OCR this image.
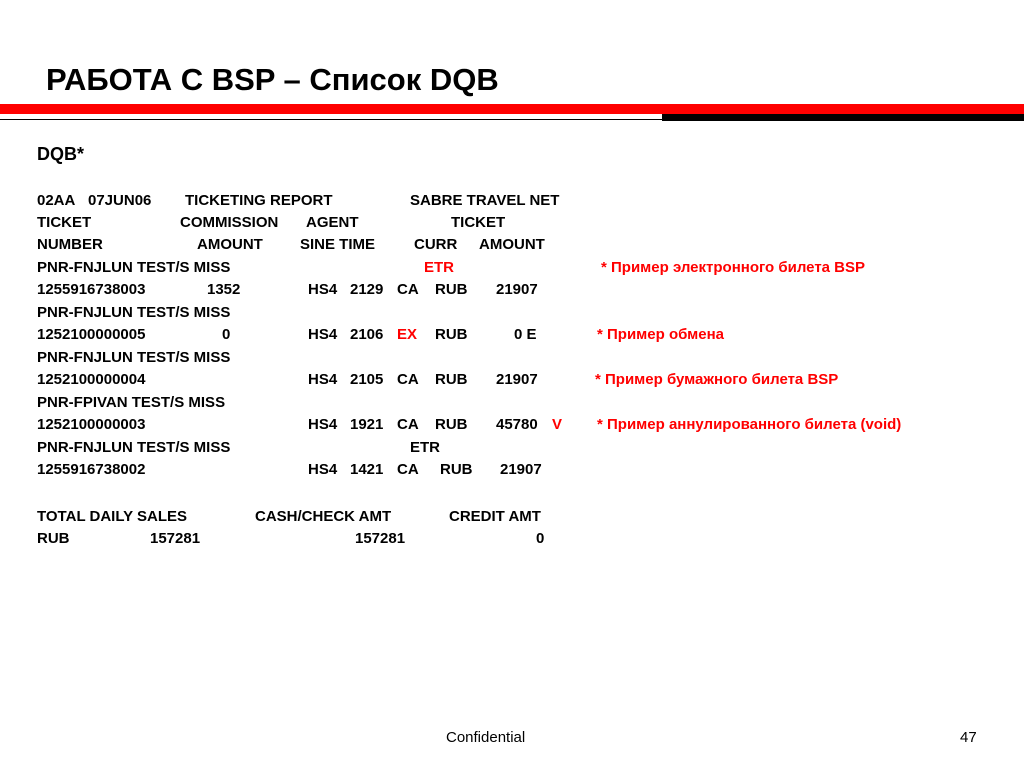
РАБОТА С BSP – Список DQB
DQB*
02AA 07JUN06 TICKETING REPORT	SABRE TRAVEL NET
TICKET	COMMISSION AGENT	TICKET
NUMBER	AMOUNT SINE TIME	CURR AMOUNT
PNR-FNJLUN TEST/S MISS	ETR	* Пример электронного билета BSP
1255916738003	1352	HS4 2129 CA RUB 21907
PNR-FNJLUN TEST/S MISS
1252100000005	0	HS4 2106 EX RUB	0 E	* Пример обмена
PNR-FNJLUN TEST/S MISS
1252100000004	HS4 2105 CA RUB 21907	* Пример бумажного билета BSP
PNR-FPIVAN TEST/S MISS
1252100000003	HS4 1921 CA RUB 45780 V * Пример аннулированного билета (void)
PNR-FNJLUN TEST/S MISS	ETR
1255916738002	HS4 1421 CA RUB 21907
TOTAL DAILY SALES	CASH/CHECK AMT	CREDIT AMT
RUB	157281	157281	0
Confidential	47
